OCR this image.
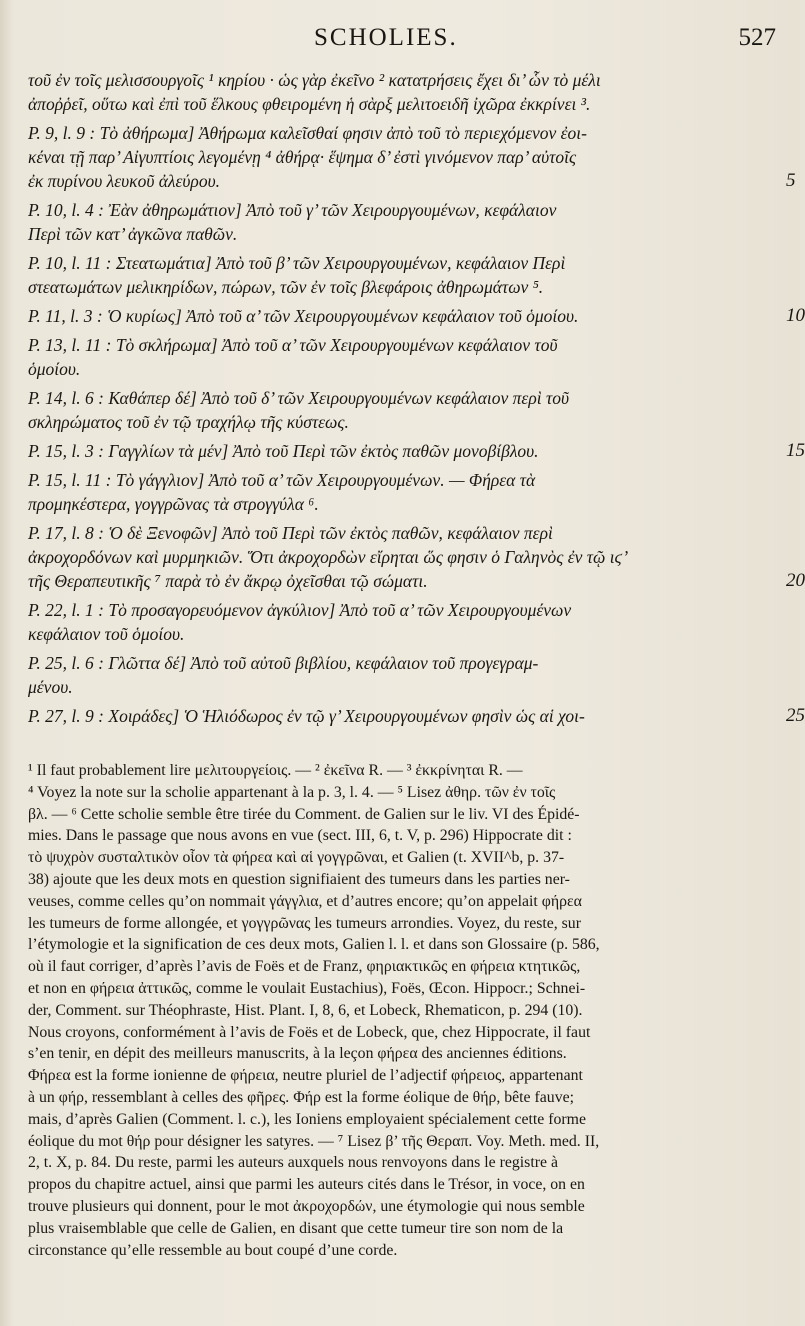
SCHOLIES.	527
τοῦ ἐν τοῖς μελισσουργοῖς ¹ κηρίου · ὡς γὰρ ἐκεῖνο ² κατατρήσεις ἔχει δι’ ὧν τὸ μέλι
ἀποῤῥεῖ, οὕτω καὶ ἐπὶ τοῦ ἕλκους φθειρομένη ἡ σὰρξ μελιτοειδῆ ἰχῶρα ἐκκρίνει ³.
P. 9, l. 9 : Τὸ ἀθήρωμα] Ἀθήρωμα καλεῖσθαί φησιν ἀπὸ τοῦ τὸ περιεχόμενον ἐοι-
κέναι τῇ παρ’ Αἰγυπτίοις λεγομένῃ ⁴ ἀθήρᾳ· ἕψημα δ’ ἐστὶ γινόμενον παρ’ αὐτοῖς
ἐκ πυρίνου λευκοῦ ἀλεύρου.	5
P. 10, l. 4 : Ἐὰν ἀθηρωμάτιον] Ἀπὸ τοῦ γ’ τῶν Χειρουργουμένων, κεφάλαιον
Περὶ τῶν κατ’ ἀγκῶνα παθῶν.
P. 10, l. 11 : Στεατωμάτια] Ἀπὸ τοῦ β’ τῶν Χειρουργουμένων, κεφάλαιον Περὶ
στεατωμάτων μελικηρίδων, πώρων, τῶν ἐν τοῖς βλεφάροις ἀθηρωμάτων ⁵.
P. 11, l. 3 : Ὁ κυρίως] Ἀπὸ τοῦ α’ τῶν Χειρουργουμένων κεφάλαιον τοῦ ὁμοίου.	10
P. 13, l. 11 : Τὸ σκλήρωμα] Ἀπὸ τοῦ α’ τῶν Χειρουργουμένων κεφάλαιον τοῦ
ὁμοίου.
P. 14, l. 6 : Καθάπερ δέ] Ἀπὸ τοῦ δ’ τῶν Χειρουργουμένων κεφάλαιον περὶ τοῦ
σκληρώματος τοῦ ἐν τῷ τραχήλῳ τῆς κύστεως.
P. 15, l. 3 : Γαγγλίων τὰ μέν] Ἀπὸ τοῦ Περὶ τῶν ἐκτὸς παθῶν μονοβίβλου.	15
P. 15, l. 11 : Τὸ γάγγλιον] Ἀπὸ τοῦ α’ τῶν Χειρουργουμένων. — Φήρεα τὰ
προμηκέστερα, γογγρῶνας τὰ στρογγύλα ⁶.
P. 17, l. 8 : Ὁ δὲ Ξενοφῶν] Ἀπὸ τοῦ Περὶ τῶν ἐκτὸς παθῶν, κεφάλαιον περὶ
ἀκροχορδόνων καὶ μυρμηκιῶν. Ὅτι ἀκροχορδὼν εἴρηται ὥς φησιν ὁ Γαληνὸς ἐν τῷ ιϛ’
τῆς Θεραπευτικῆς ⁷ παρὰ τὸ ἐν ἄκρῳ ὀχεῖσθαι τῷ σώματι.	20
P. 22, l. 1 : Τὸ προσαγορευόμενον ἀγκύλιον] Ἀπὸ τοῦ α’ τῶν Χειρουργουμένων
κεφάλαιον τοῦ ὁμοίου.
P. 25, l. 6 : Γλῶττα δέ] Ἀπὸ τοῦ αὐτοῦ βιβλίου, κεφάλαιον τοῦ προγεγραμ-
μένου.
P. 27, l. 9 : Χοιράδες] Ὁ Ἡλιόδωρος ἐν τῷ γ’ Χειρουργουμένων φησὶν ὡς αἱ χοι-	25
¹ Il faut probablement lire μελιτουργείοις. — ² ἐκεῖνα R. — ³ ἐκκρίνηται R. —
⁴ Voyez la note sur la scholie appartenant à la p. 3, l. 4. — ⁵ Lisez ἀθηρ. τῶν ἐν τοῖς
βλ. — ⁶ Cette scholie semble être tirée du Comment. de Galien sur le liv. VI des Épidé-
mies. Dans le passage que nous avons en vue (sect. III, 6, t. V, p. 296) Hippocrate dit :
τὸ ψυχρὸν συσταλτικὸν οἷον τὰ φήρεα καὶ αἱ γογγρῶναι, et Galien (t. XVII^b, p. 37-
38) ajoute que les deux mots en question signifiaient des tumeurs dans les parties ner-
veuses, comme celles qu’on nommait γάγγλια, et d’autres encore; qu’on appelait φήρεα
les tumeurs de forme allongée, et γογγρῶνας les tumeurs arrondies. Voyez, du reste, sur
l’étymologie et la signification de ces deux mots, Galien l. l. et dans son Glossaire (p. 586,
où il faut corriger, d’après l’avis de Foës et de Franz, φηριακτικῶς en φήρεια κτητικῶς,
et non en φήρεια ἀττικῶς, comme le voulait Eustachius), Foës, Œcon. Hippocr.; Schnei-
der, Comment. sur Théophraste, Hist. Plant. I, 8, 6, et Lobeck, Rhematicon, p. 294 (10).
Nous croyons, conformément à l’avis de Foës et de Lobeck, que, chez Hippocrate, il faut
s’en tenir, en dépit des meilleurs manuscrits, à la leçon φήρεα des anciennes éditions.
Φήρεα est la forme ionienne de φήρεια, neutre pluriel de l’adjectif φήρειος, appartenant
à un φήρ, ressemblant à celles des φῆρες. Φήρ est la forme éolique de θήρ, bête fauve;
mais, d’après Galien (Comment. l. c.), les Ioniens employaient spécialement cette forme
éolique du mot θήρ pour désigner les satyres. — ⁷ Lisez β’ τῆς Θεραπ. Voy. Meth. med. II,
2, t. X, p. 84. Du reste, parmi les auteurs auxquels nous renvoyons dans le registre à
propos du chapitre actuel, ainsi que parmi les auteurs cités dans le Trésor, in voce, on en
trouve plusieurs qui donnent, pour le mot ἀκροχορδών, une étymologie qui nous semble
plus vraisemblable que celle de Galien, en disant que cette tumeur tire son nom de la
circonstance qu’elle ressemble au bout coupé d’une corde.
